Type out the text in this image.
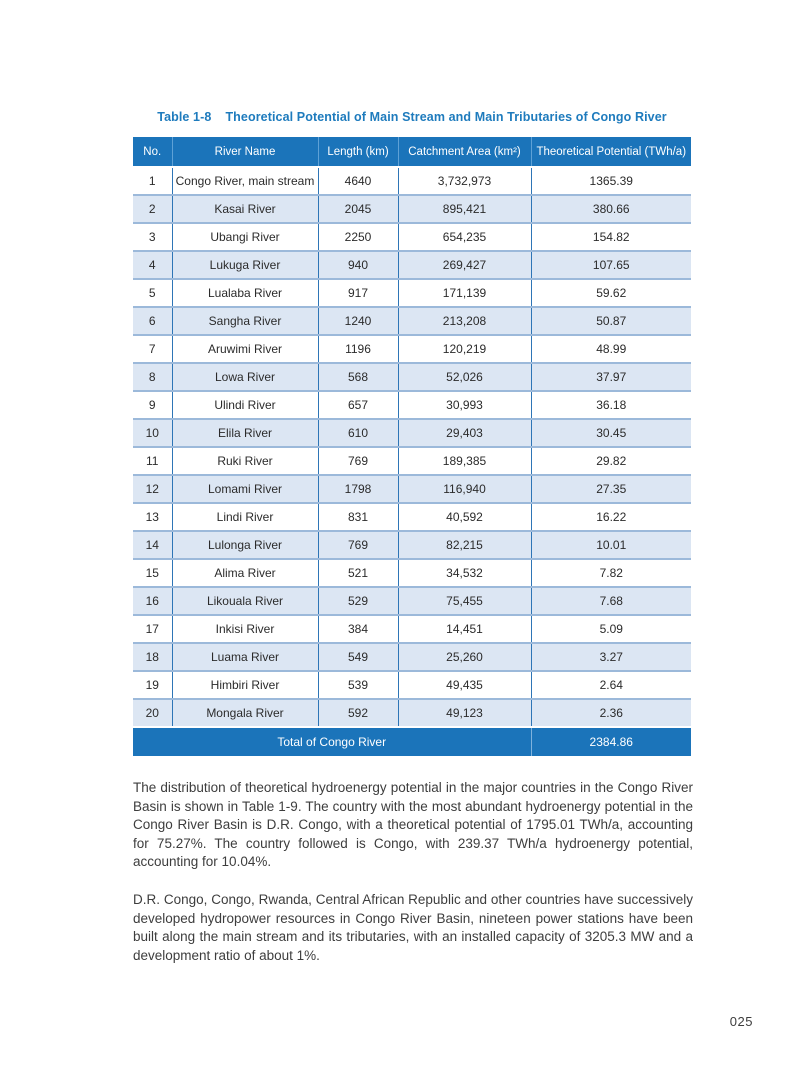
Table 1-8 Theoretical Potential of Main Stream and Main Tributaries of Congo River
No.	River Name	Length (km)	Catchment Area (km²)	Theoretical Potential (TWh/a)
1	Congo River, main stream	4640	3,732,973	1365.39
2	Kasai River	2045	895,421	380.66
3	Ubangi River	2250	654,235	154.82
4	Lukuga River	940	269,427	107.65
5	Lualaba River	917	171,139	59.62
6	Sangha River	1240	213,208	50.87
7	Aruwimi River	1196	120,219	48.99
8	Lowa River	568	52,026	37.97
9	Ulindi River	657	30,993	36.18
10	Elila River	610	29,403	30.45
11	Ruki River	769	189,385	29.82
12	Lomami River	1798	116,940	27.35
13	Lindi River	831	40,592	16.22
14	Lulonga River	769	82,215	10.01
15	Alima River	521	34,532	7.82
16	Likouala River	529	75,455	7.68
17	Inkisi River	384	14,451	5.09
18	Luama River	549	25,260	3.27
19	Himbiri River	539	49,435	2.64
20	Mongala River	592	49,123	2.36
Total of Congo River				2384.86

The distribution of theoretical hydroenergy potential in the major countries in the Congo River Basin is shown in Table 1-9. The country with the most abundant hydroenergy potential in the Congo River Basin is D.R. Congo, with a theoretical potential of 1795.01 TWh/a, accounting for 75.27%. The country followed is Congo, with 239.37 TWh/a hydroenergy potential, accounting for 10.04%.

D.R. Congo, Congo, Rwanda, Central African Republic and other countries have successively developed hydropower resources in Congo River Basin, nineteen power stations have been built along the main stream and its tributaries, with an installed capacity of 3205.3 MW and a development ratio of about 1%.

025
